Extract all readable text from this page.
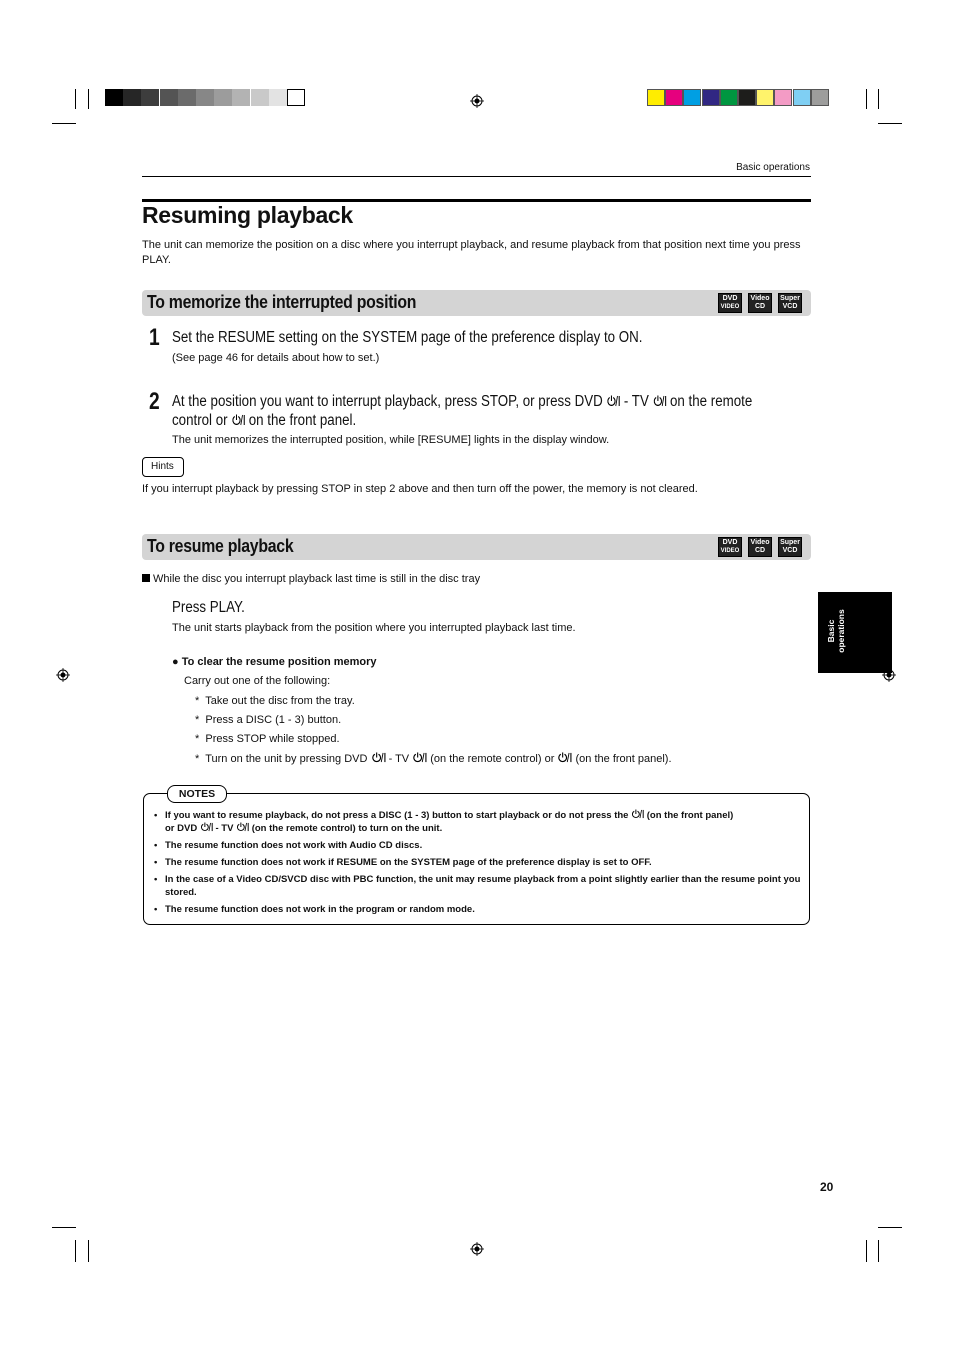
Basic operations
Resuming playback
The unit can memorize the position on a disc where you interrupt playback, and resume playback from that position next time you press PLAY.
To memorize the interrupted position	DVD
VIDEO
Video
CD
Super
VCD
1 Set the RESUME setting on the SYSTEM page of the preference display to ON.
(See page 46 for details about how to set.)
2 At the position you want to interrupt playback, press STOP, or press DVD - TV on the remote
control or on the front panel.
The unit memorizes the interrupted position, while [RESUME] lights in the display window.
Hints
If you interrupt playback by pressing STOP in step 2 above and then turn off the power, the memory is not cleared.
To resume playback	DVD
VIDEO
Video
CD
Super
VCD
While the disc you interrupt playback last time is still in the disc tray
Press PLAY.
The unit starts playback from the position where you interrupted playback last time.
● To clear the resume position memory
Carry out one of the following:
*  Take out the disc from the tray.
*  Press a DISC (1 - 3) button.
*  Press STOP while stopped.
*  Turn on the unit by pressing DVD - TV (on the remote control) or (on the front panel).
NOTES
• If you want to resume playback, do not press a DISC (1 - 3) button to start playback or do not press the (on the front panel)
or DVD - TV (on the remote control) to turn on the unit.
• The resume function does not work with Audio CD discs.
• The resume function does not work if RESUME on the SYSTEM page of the preference display is set to OFF.
• In the case of a Video CD/SVCD disc with PBC function, the unit may resume playback from a point slightly earlier than the resume point you stored.
• The resume function does not work in the program or random mode.
Basic operations
20
